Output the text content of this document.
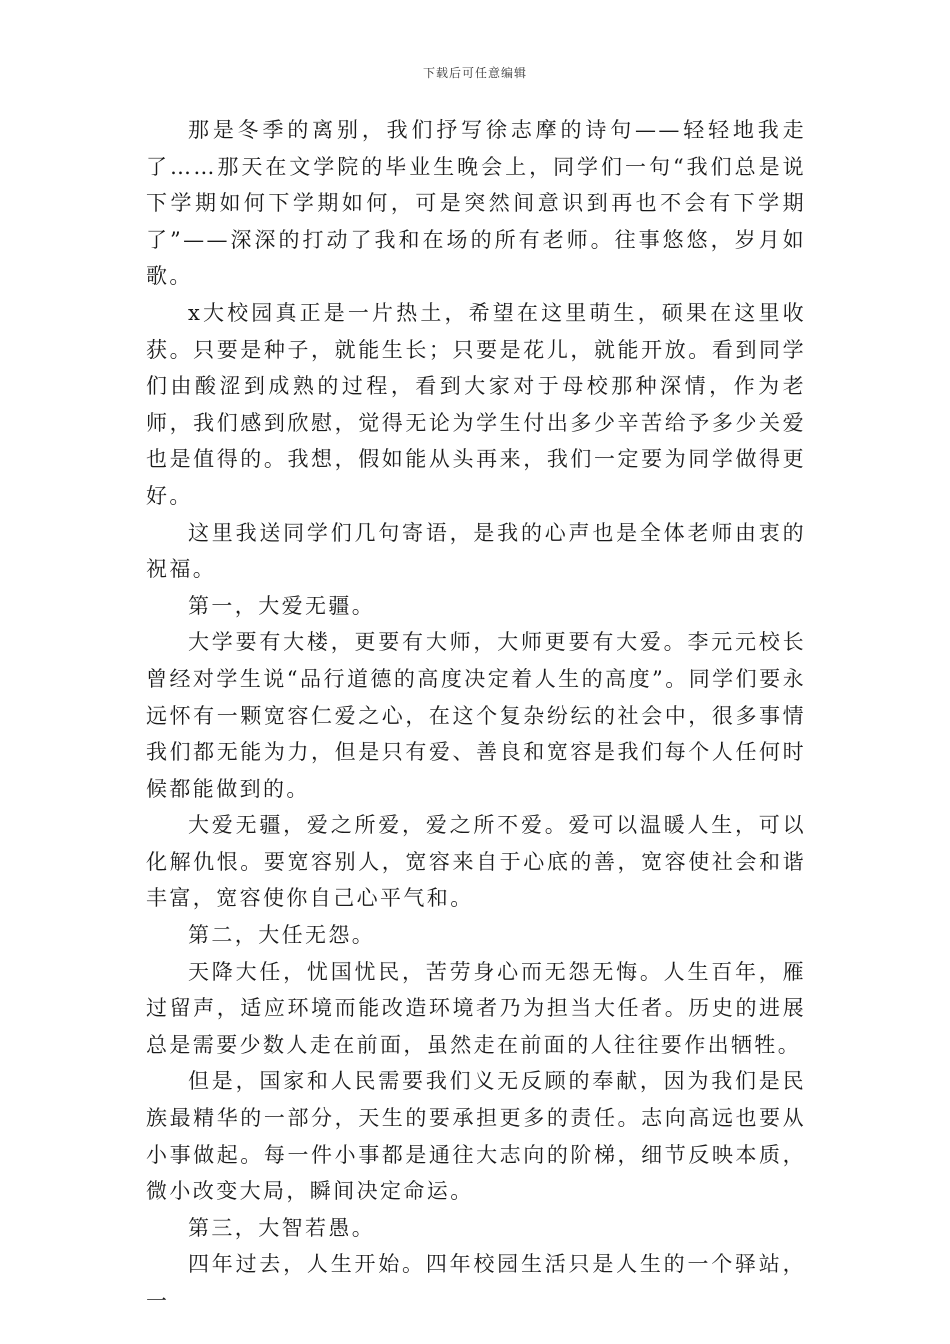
下载后可任意编辑

那是冬季的离别，我们抒写徐志摩的诗句——轻轻地我走了……那天在文学院的毕业生晚会上，同学们一句“我们总是说下学期如何下学期如何，可是突然间意识到再也不会有下学期了”——深深的打动了我和在场的所有老师。往事悠悠，岁月如歌。

x大校园真正是一片热土，希望在这里萌生，硕果在这里收获。只要是种子，就能生长；只要是花儿，就能开放。看到同学们由酸涩到成熟的过程，看到大家对于母校那种深情，作为老师，我们感到欣慰，觉得无论为学生付出多少辛苦给予多少关爱也是值得的。我想，假如能从头再来，我们一定要为同学做得更好。

这里我送同学们几句寄语，是我的心声也是全体老师由衷的祝福。

第一，大爱无疆。

大学要有大楼，更要有大师，大师更要有大爱。李元元校长曾经对学生说“品行道德的高度决定着人生的高度”。同学们要永远怀有一颗宽容仁爱之心，在这个复杂纷纭的社会中，很多事情我们都无能为力，但是只有爱、善良和宽容是我们每个人任何时候都能做到的。

大爱无疆，爱之所爱，爱之所不爱。爱可以温暖人生，可以化解仇恨。要宽容别人，宽容来自于心底的善，宽容使社会和谐丰富，宽容使你自己心平气和。

第二，大任无怨。

天降大任，忧国忧民，苦劳身心而无怨无悔。人生百年，雁过留声，适应环境而能改造环境者乃为担当大任者。历史的进展总是需要少数人走在前面，虽然走在前面的人往往要作出牺牲。

但是，国家和人民需要我们义无反顾的奉献，因为我们是民族最精华的一部分，天生的要承担更多的责任。志向高远也要从小事做起。每一件小事都是通往大志向的阶梯，细节反映本质，微小改变大局，瞬间决定命运。

第三，大智若愚。

四年过去，人生开始。四年校园生活只是人生的一个驿站，一
